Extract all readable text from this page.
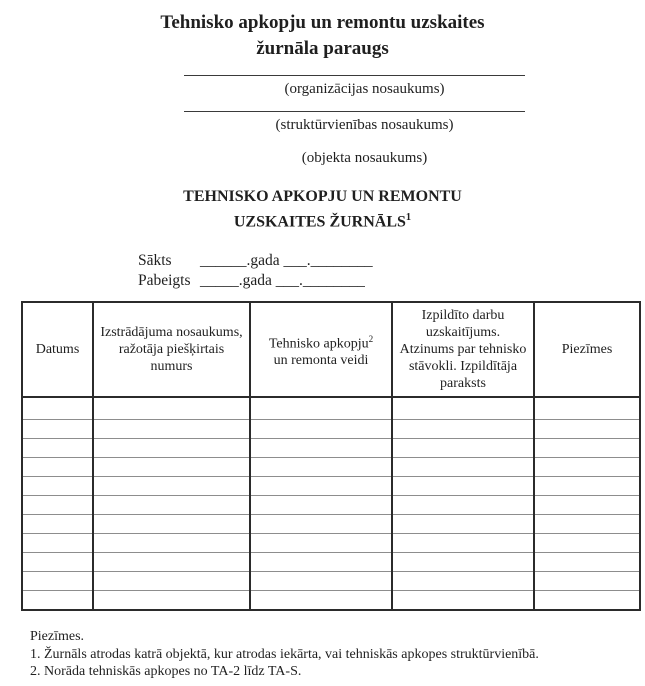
Tehnisko apkopju un remontu uzskaites
žurnāla paraugs
(organizācijas nosaukums)
(struktūrvienības nosaukums)
(objekta nosaukums)
TEHNISKO APKOPJU UN REMONTU
UZSKAITES ŽURNĀLS$^1$
Sākts ______.gada ___.________
Pabeigts _____.gada ___.________
Datums	Izstrādājuma nosaukums, ražotāja piešķirtais numurs	Tehnisko apkopju$^2$
un remonta veidi	Izpildīto darbu uzskaitījums. Atzinums par tehnisko stāvokli. Izpildītāja paraksts	Piezīmes

Piezīmes.
1. Žurnāls atrodas katrā objektā, kur atrodas iekārta, vai tehniskās apkopes struktūrvienībā.
2. Norāda tehniskās apkopes no TA-2 līdz TA-S.
